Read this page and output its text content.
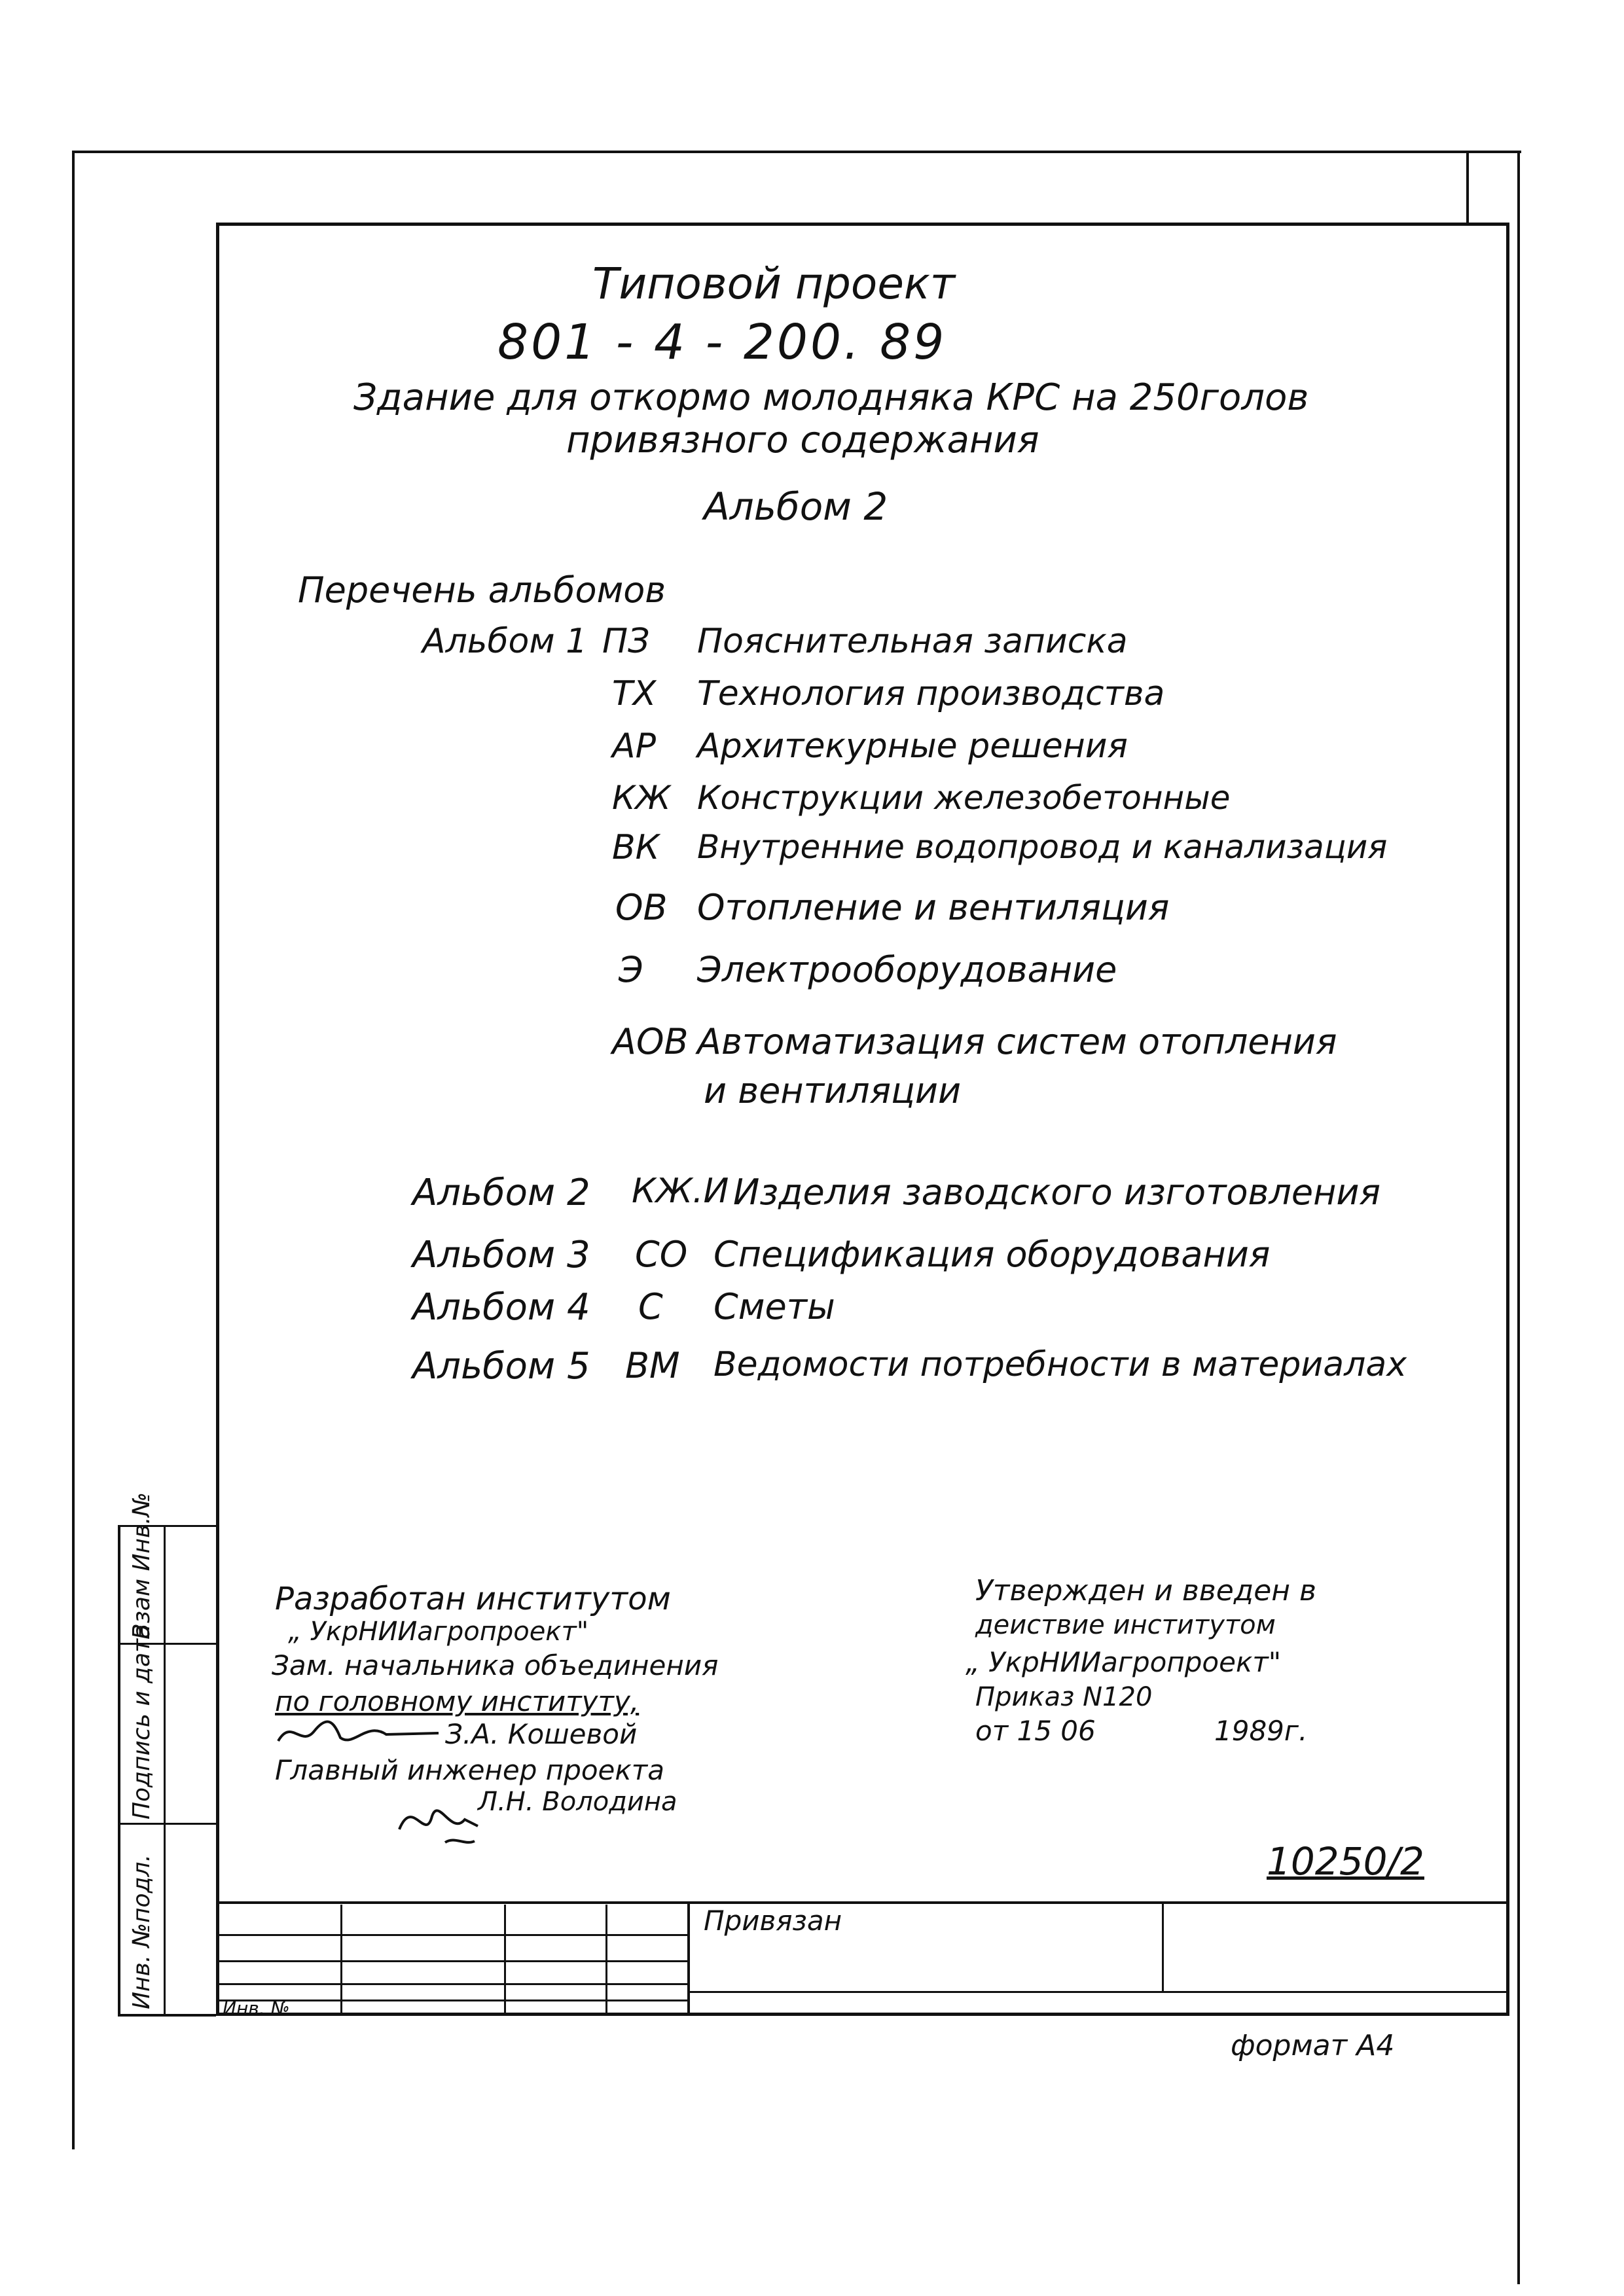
Типовой проект
801 - 4 - 200. 89
Здание для откормо молодняка КРС на 250голов
привязного содержания
Альбом 2
Перечень альбомов
Альбом 1 ПЗ Пояснительная записка
ТХ Технология производства
АР Архитекурные решения
КЖ Конструкции железобетонные
ВК Внутренние водопровод и канализация
ОВ Отопление и вентиляция
Э Электрооборудование
АОВ Автоматизация систем отопления
и вентиляции
Альбом 2 КЖ.И Изделия заводского изготовления
Альбом 3 СО Спецификация оборудования
Альбом 4 С Сметы
Альбом 5 ВМ Ведомости потребности в материалах
Разработан институтом
„ УкрНИИагропроект"
Зам. начальника объединения
по головному институту,
З.А. Кошевой
Главный инженер проекта
Л.Н. Володина
Утвержден и введен в
деиствие институтом
„ УкрНИИагропроект"
Приказ N120
от 15 06	1989г.
10250/2
Привязан
Инв. №
Взам Инв.№
Подпись и дата
Инв. №подл.
формат А4
